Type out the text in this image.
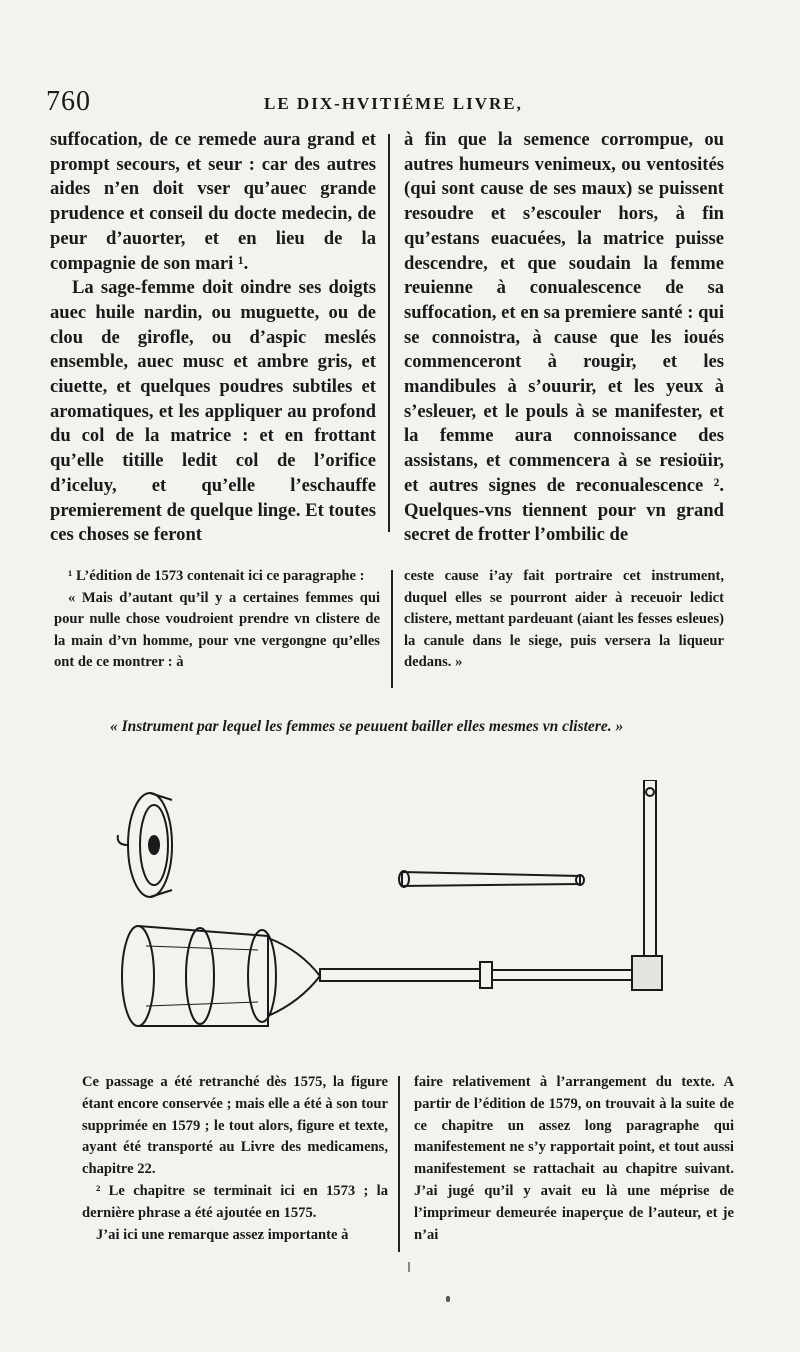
760	LE DIX-HVITIÉME LIVRE,

suffocation, de ce remede aura grand et prompt secours, et seur : car des autres aides n’en doit vser qu’auec grande prudence et conseil du docte medecin, de peur d’auorter, et en lieu de la compagnie de son mari ¹.

La sage-femme doit oindre ses doigts auec huile nardin, ou muguette, ou de clou de girofle, ou d’aspic meslés ensemble, auec musc et ambre gris, et ciuette, et quelques poudres subtiles et aromatiques, et les appliquer au profond du col de la matrice : et en frottant qu’elle titille ledit col de l’orifice d’iceluy, et qu’elle l’eschauffe premierement de quelque linge. Et toutes ces choses se feront

à fin que la semence corrompue, ou autres humeurs venimeux, ou ventosités (qui sont cause de ses maux) se puissent resoudre et s’escouler hors, à fin qu’estans euacuées, la matrice puisse descendre, et que soudain la femme reuienne à conualescence de sa suffocation, et en sa premiere santé : qui se connoistra, à cause que les ioués commenceront à rougir, et les mandibules à s’ouurir, et les yeux à s’esleuer, et le pouls à se manifester, et la femme aura connoissance des assistans, et commencera à se resioüir, et autres signes de reconualescence ². Quelques-vns tiennent pour vn grand secret de frotter l’ombilic de

¹ L’édition de 1573 contenait ici ce paragraphe :

« Mais d’autant qu’il y a certaines femmes qui pour nulle chose voudroient prendre vn clistere de la main d’vn homme, pour vne vergongne qu’elles ont de ce montrer : à

ceste cause i’ay fait portraire cet instrument, duquel elles se pourront aider à receuoir ledict clistere, mettant pardeuant (aiant les fesses esleues) la canule dans le siege, puis versera la liqueur dedans. »

« Instrument par lequel les femmes se peuuent bailler elles mesmes vn clistere. »

Ce passage a été retranché dès 1575, la figure étant encore conservée ; mais elle a été à son tour supprimée en 1579 ; le tout alors, figure et texte, ayant été transporté au Livre des medicamens, chapitre 22.

² Le chapitre se terminait ici en 1573 ; la dernière phrase a été ajoutée en 1575.

J’ai ici une remarque assez importante à

faire relativement à l’arrangement du texte. A partir de l’édition de 1579, on trouvait à la suite de ce chapitre un assez long paragraphe qui manifestement ne s’y rapportait point, et tout aussi manifestement se rattachait au chapitre suivant. J’ai jugé qu’il y avait eu là une méprise de l’imprimeur demeurée inaperçue de l’auteur, et je n’ai
